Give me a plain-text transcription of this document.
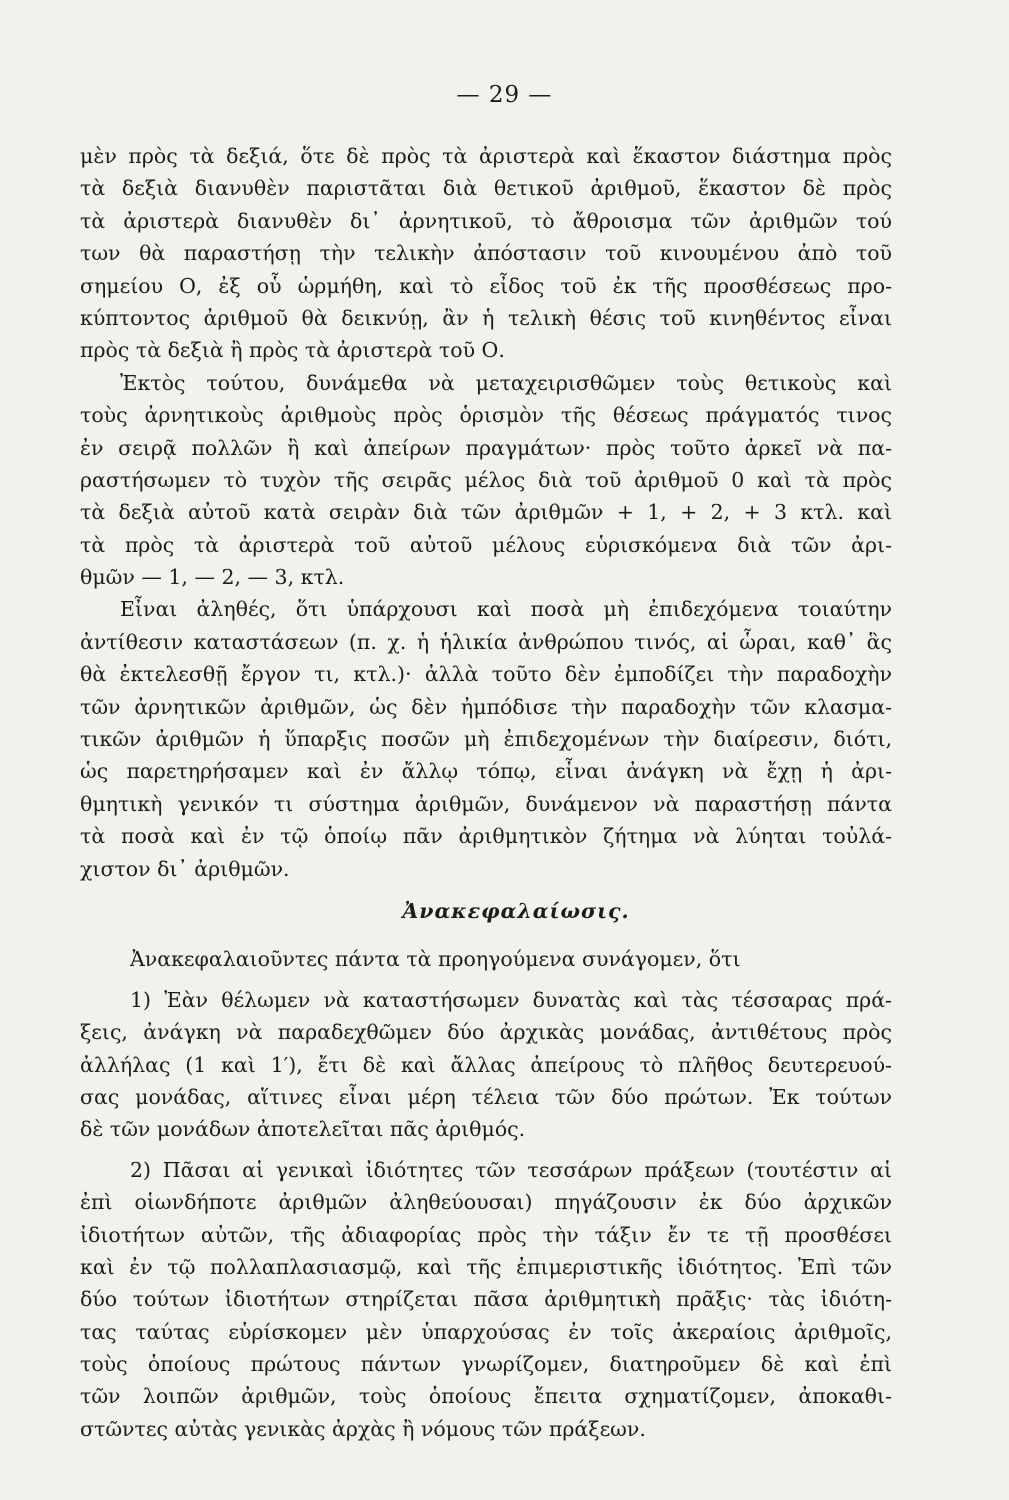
— 29 —
μὲν πρὸς τὰ δεξιά, ὅτε δὲ πρὸς τὰ ἀριστερὰ καὶ ἕκαστον διάστημα πρὸς
τὰ δεξιὰ διανυθὲν παριστᾶται διὰ θετικοῦ ἀριθμοῦ, ἕκαστον δὲ πρὸς
τὰ ἀριστερὰ διανυθὲν δι᾽ ἀρνητικοῦ, τὸ ἄθροισμα τῶν ἀριθμῶν τού
των θὰ παραστήσῃ τὴν τελικὴν ἀπόστασιν τοῦ κινουμένου ἀπὸ τοῦ
σημείου Ο, ἐξ οὗ ὡρμήθη, καὶ τὸ εἶδος τοῦ ἐκ τῆς προσθέσεως προ-
κύπτοντος ἀριθμοῦ θὰ δεικνύῃ, ἂν ἡ τελικὴ θέσις τοῦ κινηθέντος εἶναι
πρὸς τὰ δεξιὰ ἢ πρὸς τὰ ἀριστερὰ τοῦ Ο.
Ἐκτὸς τούτου, δυνάμεθα νὰ μεταχειρισθῶμεν τοὺς θετικοὺς καὶ
τοὺς ἀρνητικοὺς ἀριθμοὺς πρὸς ὁρισμὸν τῆς θέσεως πράγματός τινος
ἐν σειρᾷ πολλῶν ἢ καὶ ἀπείρων πραγμάτων· πρὸς τοῦτο ἀρκεῖ νὰ πα-
ραστήσωμεν τὸ τυχὸν τῆς σειρᾶς μέλος διὰ τοῦ ἀριθμοῦ 0 καὶ τὰ πρὸς
τὰ δεξιὰ αὐτοῦ κατὰ σειρὰν διὰ τῶν ἀριθμῶν + 1, + 2, + 3 κτλ. καὶ
τὰ πρὸς τὰ ἀριστερὰ τοῦ αὐτοῦ μέλους εὑρισκόμενα διὰ τῶν ἀρι-
θμῶν — 1, — 2, — 3, κτλ.
Εἶναι ἀληθές, ὅτι ὑπάρχουσι καὶ ποσὰ μὴ ἐπιδεχόμενα τοιαύτην
ἀντίθεσιν καταστάσεων (π. χ. ἡ ἡλικία ἀνθρώπου τινός, αἱ ὧραι, καθ᾽ ἃς
θὰ ἐκτελεσθῇ ἔργον τι, κτλ.)· ἀλλὰ τοῦτο δὲν ἐμποδίζει τὴν παραδοχὴν
τῶν ἀρνητικῶν ἀριθμῶν, ὡς δὲν ἠμπόδισε τὴν παραδοχὴν τῶν κλασμα-
τικῶν ἀριθμῶν ἡ ὕπαρξις ποσῶν μὴ ἐπιδεχομένων τὴν διαίρεσιν, διότι,
ὡς παρετηρήσαμεν καὶ ἐν ἄλλῳ τόπῳ, εἶναι ἀνάγκη νὰ ἔχῃ ἡ ἀρι-
θμητικὴ γενικόν τι σύστημα ἀριθμῶν, δυνάμενον νὰ παραστήσῃ πάντα
τὰ ποσὰ καὶ ἐν τῷ ὁποίῳ πᾶν ἀριθμητικὸν ζήτημα νὰ λύηται τοὐλά-
χιστον δι᾽ ἀριθμῶν.
Ἀνακεφαλαίωσις.
Ἀνακεφαλαιοῦντες πάντα τὰ προηγούμενα συνάγομεν, ὅτι
1) Ἐὰν θέλωμεν νὰ καταστήσωμεν δυνατὰς καὶ τὰς τέσσαρας πρά-
ξεις, ἀνάγκη νὰ παραδεχθῶμεν δύο ἀρχικὰς μονάδας, ἀντιθέτους πρὸς
ἀλλήλας (1 καὶ 1′), ἔτι δὲ καὶ ἄλλας ἀπείρους τὸ πλῆθος δευτερευού-
σας μονάδας, αἵτινες εἶναι μέρη τέλεια τῶν δύο πρώτων. Ἐκ τούτων
δὲ τῶν μονάδων ἀποτελεῖται πᾶς ἀριθμός.
2) Πᾶσαι αἱ γενικαὶ ἰδιότητες τῶν τεσσάρων πράξεων (τουτέστιν αἱ
ἐπὶ οἱωνδήποτε ἀριθμῶν ἀληθεύουσαι) πηγάζουσιν ἐκ δύο ἀρχικῶν
ἰδιοτήτων αὐτῶν, τῆς ἀδιαφορίας πρὸς τὴν τάξιν ἔν τε τῇ προσθέσει
καὶ ἐν τῷ πολλαπλασιασμῷ, καὶ τῆς ἐπιμεριστικῆς ἰδιότητος. Ἐπὶ τῶν
δύο τούτων ἰδιοτήτων στηρίζεται πᾶσα ἀριθμητικὴ πρᾶξις· τὰς ἰδιότη-
τας ταύτας εὑρίσκομεν μὲν ὑπαρχούσας ἐν τοῖς ἀκεραίοις ἀριθμοῖς,
τοὺς ὁποίους πρώτους πάντων γνωρίζομεν, διατηροῦμεν δὲ καὶ ἐπὶ
τῶν λοιπῶν ἀριθμῶν, τοὺς ὁποίους ἔπειτα σχηματίζομεν, ἀποκαθι-
στῶντες αὐτὰς γενικὰς ἀρχὰς ἢ νόμους τῶν πράξεων.
